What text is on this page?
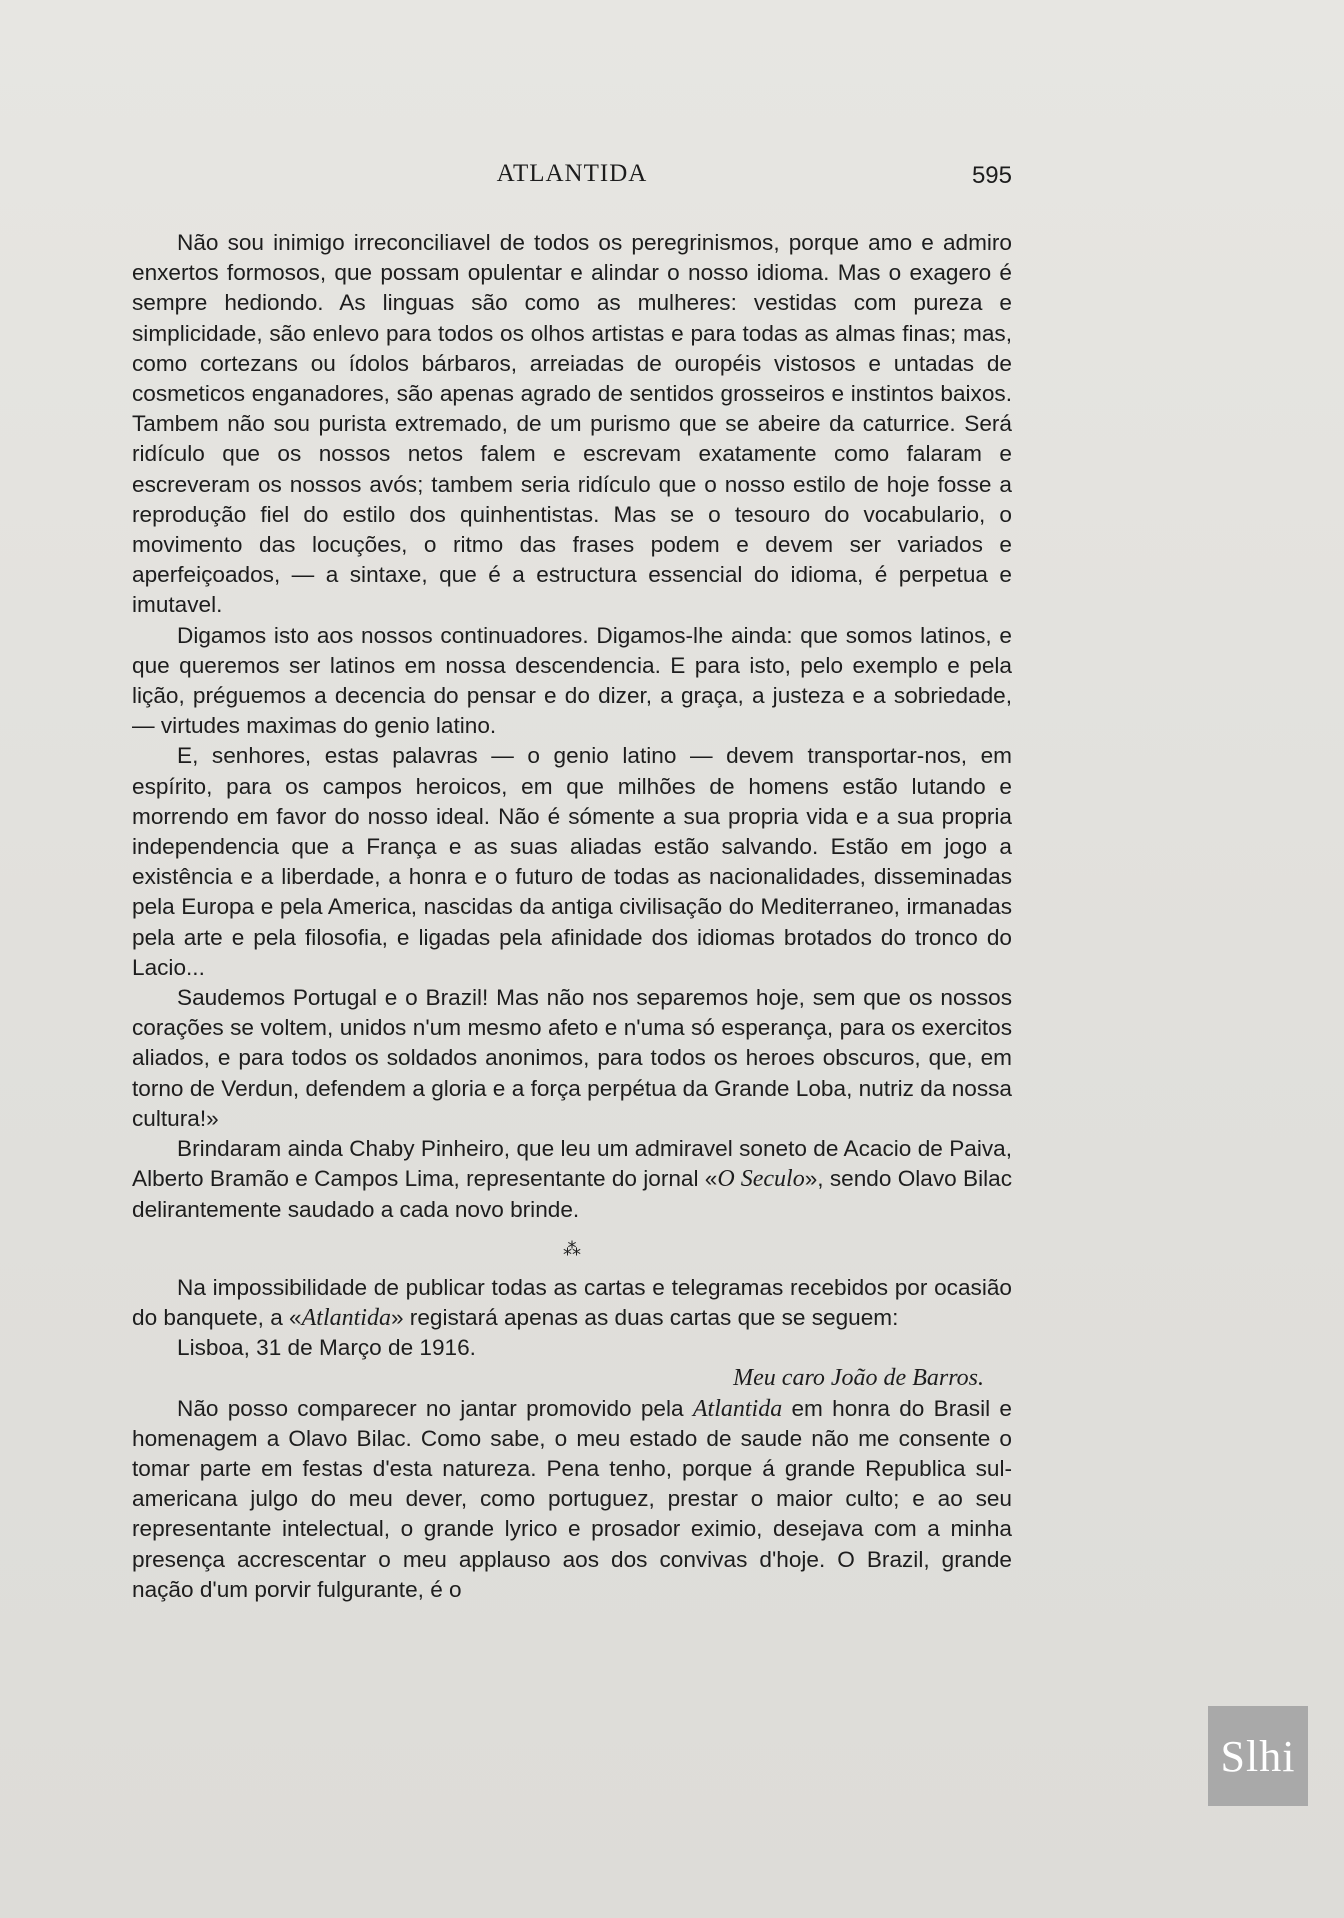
ATLANTIDA	595

Não sou inimigo irreconciliavel de todos os peregrinismos, porque amo e admiro enxertos formosos, que possam opulentar e alindar o nosso idioma. Mas o exagero é sempre hediondo. As linguas são como as mulheres: vestidas com pureza e simplicidade, são enlevo para todos os olhos artistas e para todas as almas finas; mas, como cortezans ou ídolos bárbaros, arreiadas de ouropéis vistosos e untadas de cosmeticos enganadores, são apenas agrado de sentidos grosseiros e instintos baixos. Tambem não sou purista extremado, de um purismo que se abeire da caturrice. Será ridículo que os nossos netos falem e escrevam exatamente como falaram e escreveram os nossos avós; tambem seria ridículo que o nosso estilo de hoje fosse a reprodução fiel do estilo dos quinhentistas. Mas se o tesouro do vocabulario, o movimento das locuções, o ritmo das frases podem e devem ser variados e aperfeiçoados, — a sintaxe, que é a estructura essencial do idioma, é perpetua e imutavel.

Digamos isto aos nossos continuadores. Digamos-lhe ainda: que somos latinos, e que queremos ser latinos em nossa descendencia. E para isto, pelo exemplo e pela lição, préguemos a decencia do pensar e do dizer, a graça, a justeza e a sobriedade, — virtudes maximas do genio latino.

E, senhores, estas palavras — o genio latino — devem transportar-nos, em espírito, para os campos heroicos, em que milhões de homens estão lutando e morrendo em favor do nosso ideal. Não é sómente a sua propria vida e a sua propria independencia que a França e as suas aliadas estão salvando. Estão em jogo a existência e a liberdade, a honra e o futuro de todas as nacionalidades, disseminadas pela Europa e pela America, nascidas da antiga civilisação do Mediterraneo, irmanadas pela arte e pela filosofia, e ligadas pela afinidade dos idiomas brotados do tronco do Lacio...

Saudemos Portugal e o Brazil! Mas não nos separemos hoje, sem que os nossos corações se voltem, unidos n'um mesmo afeto e n'uma só esperança, para os exercitos aliados, e para todos os soldados anonimos, para todos os heroes obscuros, que, em torno de Verdun, defendem a gloria e a força perpétua da Grande Loba, nutriz da nossa cultura!»

Brindaram ainda Chaby Pinheiro, que leu um admiravel soneto de Acacio de Paiva, Alberto Bramão e Campos Lima, representante do jornal «O Seculo», sendo Olavo Bilac delirantemente saudado a cada novo brinde.

⁂

Na impossibilidade de publicar todas as cartas e telegramas recebidos por ocasião do banquete, a «Atlantida» registará apenas as duas cartas que se seguem:

Lisboa, 31 de Março de 1916.

Meu caro João de Barros.

Não posso comparecer no jantar promovido pela Atlantida em honra do Brasil e homenagem a Olavo Bilac. Como sabe, o meu estado de saude não me consente o tomar parte em festas d'esta natureza. Pena tenho, porque á grande Republica sul-americana julgo do meu dever, como portuguez, prestar o maior culto; e ao seu representante intelectual, o grande lyrico e prosador eximio, desejava com a minha presença accrescentar o meu applauso aos dos convivas d'hoje. O Brazil, grande nação d'um porvir fulgurante, é o

Slhi
